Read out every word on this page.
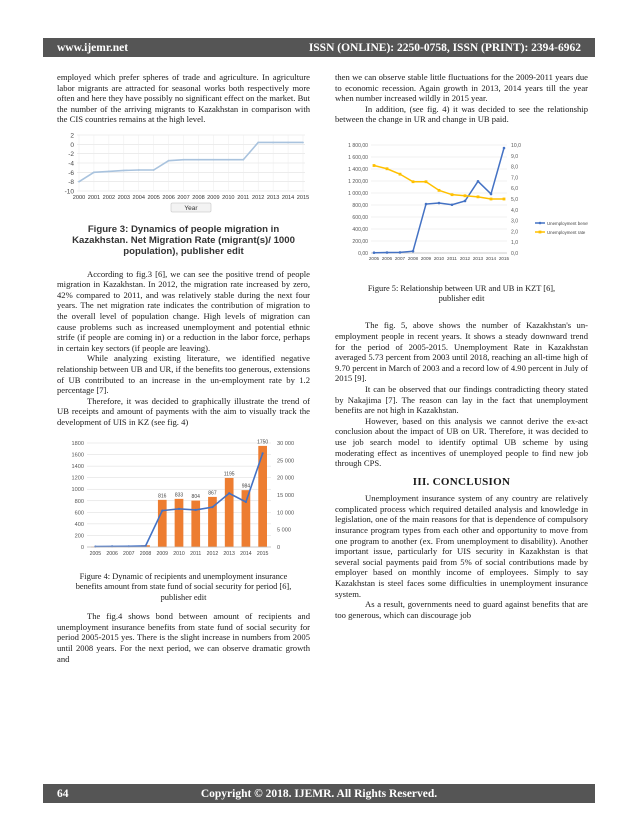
www.ijemr.net	ISSN (ONLINE): 2250-0758, ISSN (PRINT): 2394-6962

employed which prefer spheres of trade and agriculture. In agriculture labor migrants are attracted for seasonal works both respectively more often and here they have possibly no significant effect on the market. But the number of the arriving migrants to Kazakhstan in comparison with the CIS countries remains at the high level.

2
0
-2
-4
-6
-8
-10
2000 2001 2002 2003 2004 2005 2006 2007 2008 2009 2010 2011 2012 2013 2014 2015
Year
Figure 3: Dynamics of people migration in Kazakhstan. Net Migration Rate (migrant(s)/ 1000 population), publisher edit

According to fig.3 [6], we can see the positive trend of people migration in Kazakhstan. In 2012, the migration rate increased by zero, 42% compared to 2011, and was relatively stable during the next four years. The net migration rate indicates the contribution of migration to the overall level of population change. High levels of migration can cause problems such as increased unemployment and potential ethnic strife (if people are coming in) or a reduction in the labor force, perhaps in certain key sectors (if people are leaving).

While analyzing existing literature, we identified negative relationship between UB and UR, if the benefits too generous, extensions of UB contributed to an increase in the un-employment rate by 1.2 percentage [7].

Therefore, it was decided to graphically illustrate the trend of UB receipts and amount of payments with the aim to visually track the development of UIS in KZ (see fig. 4)

1800
1600
1400
1200
1000
800
600
400
200
0
30 000
25 000
20 000
15 000
10 000
5 000
0
816 833 804
867
1195
984
1750
2005 2006 2007 2008 2009 2010 2011 2012 2013 2014 2015
Figure 4: Dynamic of recipients and unemployment insurance benefits amount from state fund of social security for period [6], publisher edit

The fig.4 shows bond between amount of recipients and unemployment insurance benefits from state fund of social security for period 2005-2015 yes. There is the slight increase in numbers from 2005 until 2008 years. For the next period, we can observe dramatic growth and

then we can observe stable little fluctuations for the 2009-2011 years due to economic recession. Again growth in 2013, 2014 years till the year when number increased wildly in 2015 year.

In addition, (see fig. 4) it was decided to see the relationship between the change in UR and change in UB paid.

1 800,00
1 600,00
1 400,00
1 200,00
1 000,00
800,00
600,00
400,00
200,00
0,00
10,0
9,0
8,0
7,0
6,0
5,0
4,0
3,0
2,0
1,0
0,0
2005 2006 2007 2008 2009 2010 2011 2012 2013 2014 2015
Unemployment benefit
Unemployment rate
Figure 5: Relationship between UR and UB in KZT [6], publisher edit

The fig. 5, above shows the number of Kazakhstan's un-employment people in recent years. It shows a steady downward trend for the period of 2005-2015. Unemployment Rate in Kazakhstan averaged 5.73 percent from 2003 until 2018, reaching an all-time high of 9.70 percent in March of 2003 and a record low of 4.90 percent in July of 2015 [9].

It can be observed that our findings contradicting theory stated by Nakajima [7]. The reason can lay in the fact that unemployment benefits are not high in Kazakhstan.

However, based on this analysis we cannot derive the ex-act conclusion about the impact of UB on UR. Therefore, it was decided to use job search model to identify optimal UB scheme by using moderating effect as incentives of unemployed people to find new job through CPS.

III. CONCLUSION

Unemployment insurance system of any country are relatively complicated process which required detailed analysis and knowledge in legislation, one of the main reasons for that is dependence of compulsory insurance program types from each other and opportunity to move from one program to another (ex. From unemployment to disability). Another important issue, particularly for UIS security in Kazakhstan is that several social payments paid from 5% of social contributions made by employer based on monthly income of employees. Simply to say Kazakhstan is steel faces some difficulties in unemployment insurance system.

As a result, governments need to guard against benefits that are too generous, which can discourage job

64	Copyright © 2018. IJEMR. All Rights Reserved.
